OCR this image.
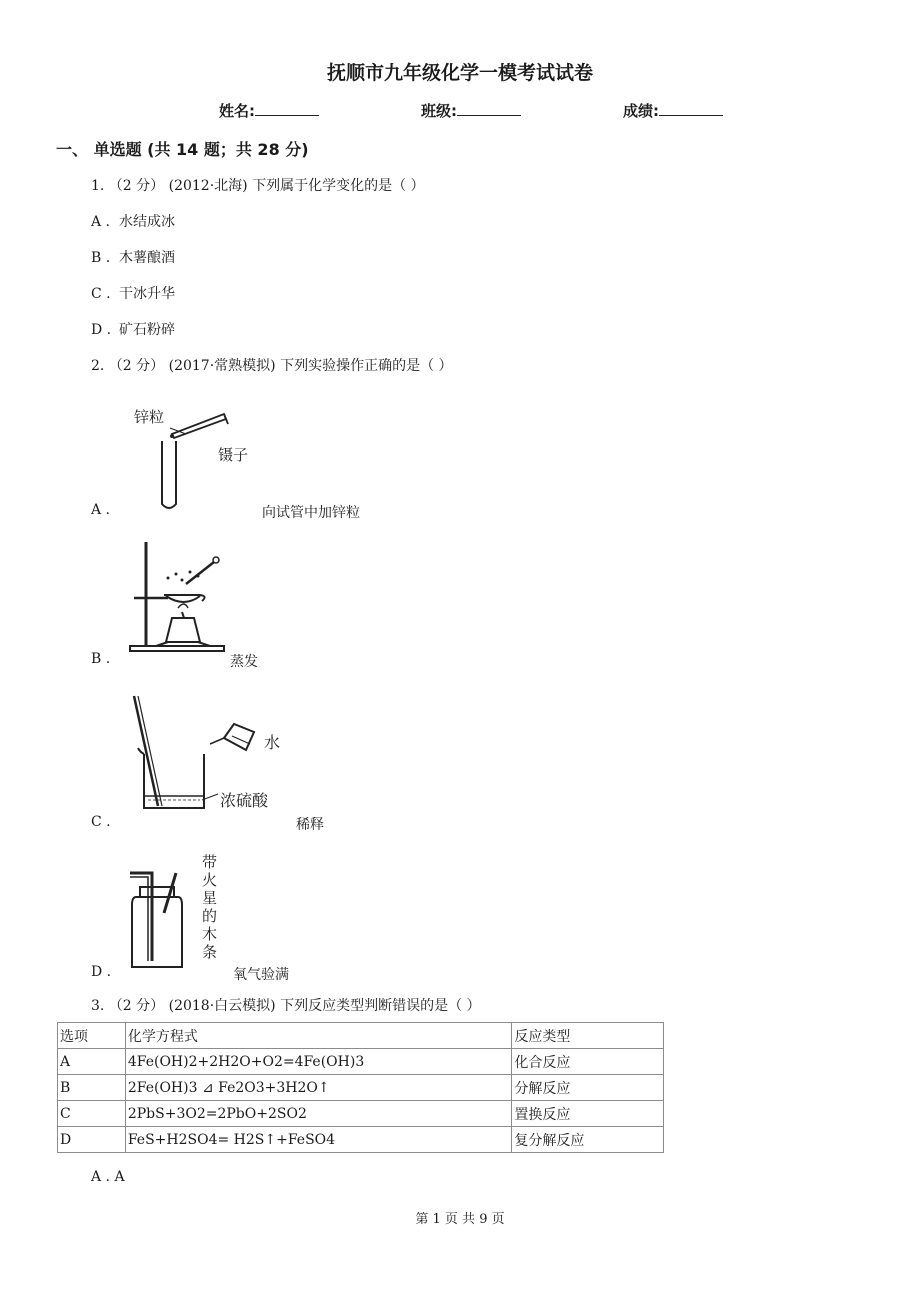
抚顺市九年级化学一模考试试卷
姓名:	班级:	成绩:
一、 单选题 (共 14 题；共 28 分)
1. （2 分） (2012·北海) 下列属于化学变化的是（ ）
A . 水结成冰
B . 木薯酿酒
C . 干冰升华
D . 矿石粉碎
2. （2 分） (2017·常熟模拟) 下列实验操作正确的是（ ）
锌粒
镊子
A .	向试管中加锌粒
B .	蒸发
水
浓硫酸
C .	稀释
带
火
星
的
木
条
D .	氧气验满
3. （2 分） (2018·白云模拟) 下列反应类型判断错误的是（ ）
选项	化学方程式	反应类型
A	4Fe(OH)2+2H2O+O2=4Fe(OH)3	化合反应
B	2Fe(OH)3 ⊿ Fe2O3+3H2O↑	分解反应
C	2PbS+3O2=2PbO+2SO2	置换反应
D	FeS+H2SO4= H2S↑+FeSO4	复分解反应
A . A
第 1 页 共 9 页
